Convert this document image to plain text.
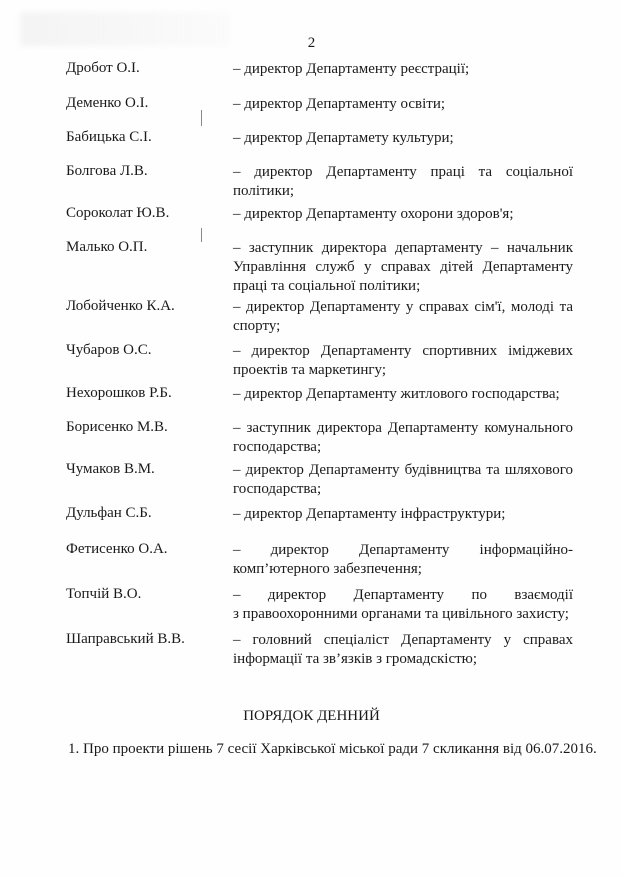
2
Дробот О.І.	– директор Департаменту реєстрації;
Деменко О.І.	– директор Департаменту освіти;
Бабицька С.І.	– директор Департамету культури;
Болгова Л.В.	– директор Департаменту праці та соціальної
політики;
Сороколат Ю.В.	– директор Департаменту охорони здоров'я;
Малько О.П.	– заступник директора департаменту – начальник
Управління служб у справах дітей Департаменту
праці та соціальної політики;
Лобойченко К.А.	– директор Департаменту у справах сім'ї, молоді та
спорту;
Чубаров О.С.	– директор Департаменту спортивних іміджевих
проектів та маркетингу;
Нехорошков Р.Б.	– директор Департаменту житлового господарства;
Борисенко М.В.	– заступник директора Департаменту комунального
господарства;
Чумаков В.М.	– директор Департаменту будівництва та шляхового
господарства;
Дульфан С.Б.	– директор Департаменту інфраструктури;
Фетисенко О.А.	– директор Департаменту інформаційно-
комп’ютерного забезпечення;
Топчій В.О.	– директор Департаменту по взаємодії
з правоохоронними органами та цивільного захисту;
Шаправський В.В.	– головний спеціаліст Департаменту у справах
інформації та зв’язків з громадскістю;
ПОРЯДОК ДЕННИЙ
1. Про проекти рішень 7 сесії Харківської міської ради 7 скликання від 06.07.2016.
